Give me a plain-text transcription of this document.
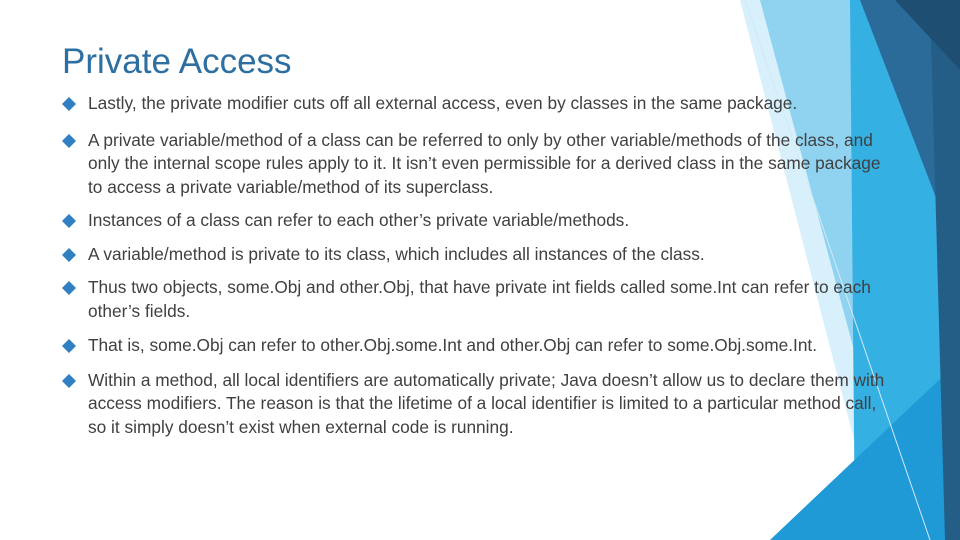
Private Access
Lastly, the private modifier cuts off all external access, even by classes in the same package.
A private variable/method of a class can be referred to only by other variable/methods of the class, and only the internal scope rules apply to it. It isn’t even permissible for a derived class in the same package to access a private variable/method of its superclass.
Instances of a class can refer to each other’s private variable/methods.
A variable/method is private to its class, which includes all instances of the class.
Thus two objects, some.Obj and other.Obj, that have private int fields called some.Int can refer to each other’s fields.
That is, some.Obj can refer to other.Obj.some.Int and other.Obj can refer to some.Obj.some.Int.
Within a method, all local identifiers are automatically private; Java doesn’t allow us to declare them with access modifiers. The reason is that the lifetime of a local identifier is limited to a particular method call, so it simply doesn’t exist when external code is running.
